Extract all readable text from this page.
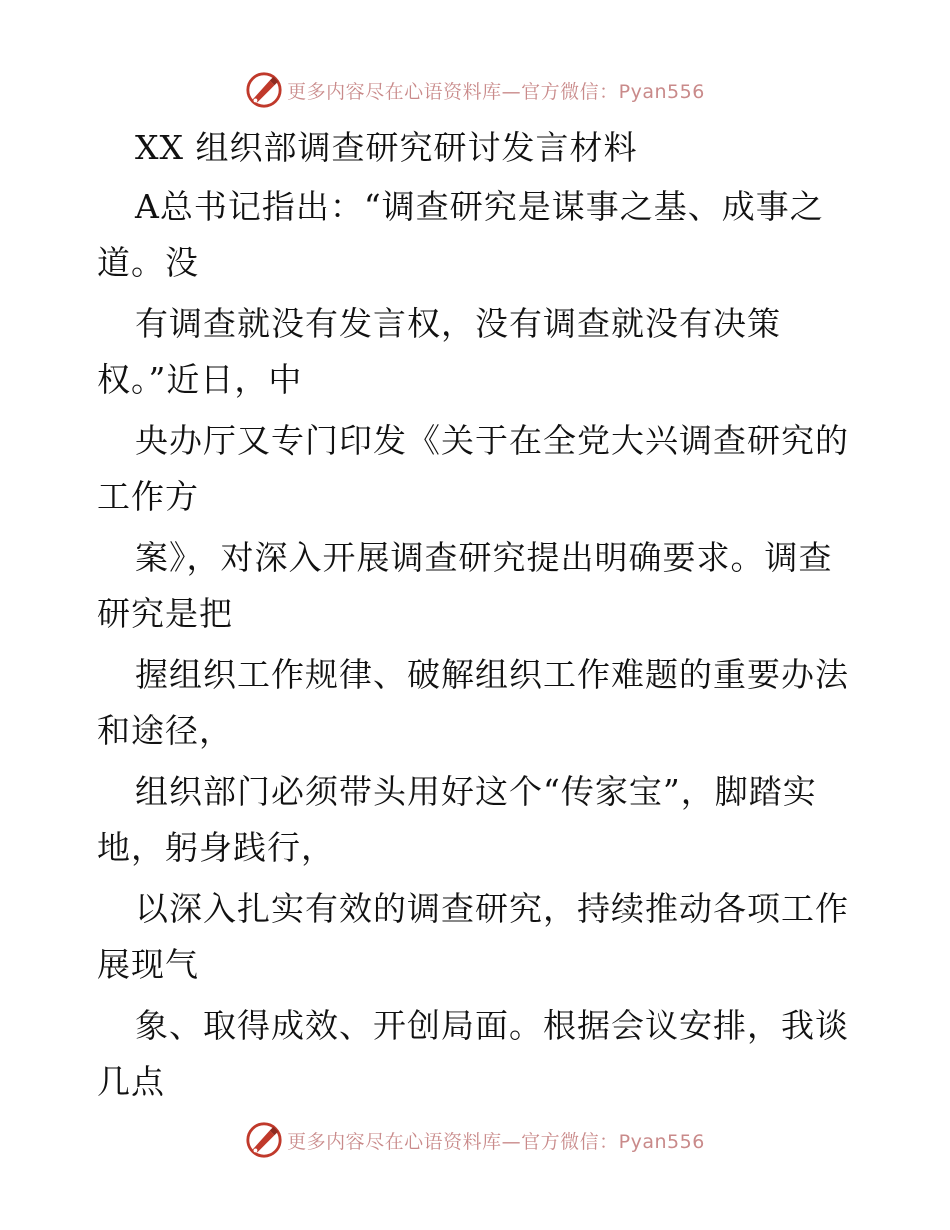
更多内容尽在心语资料库—官方微信：Pyan556
XX 组织部调查研究研讨发言材料
A总书记指出：“调查研究是谋事之基、成事之
道。没
有调查就没有发言权，没有调查就没有决策
权。”近日，中
央办厅又专门印发《关于在全党大兴调查研究的
工作方
案》，对深入开展调查研究提出明确要求。调查
研究是把
握组织工作规律、破解组织工作难题的重要办法
和途径，
组织部门必须带头用好这个“传家宝”，脚踏实
地，躬身践行，
以深入扎实有效的调查研究，持续推动各项工作
展现气
象、取得成效、开创局面。根据会议安排，我谈
几点
更多内容尽在心语资料库—官方微信：Pyan556
